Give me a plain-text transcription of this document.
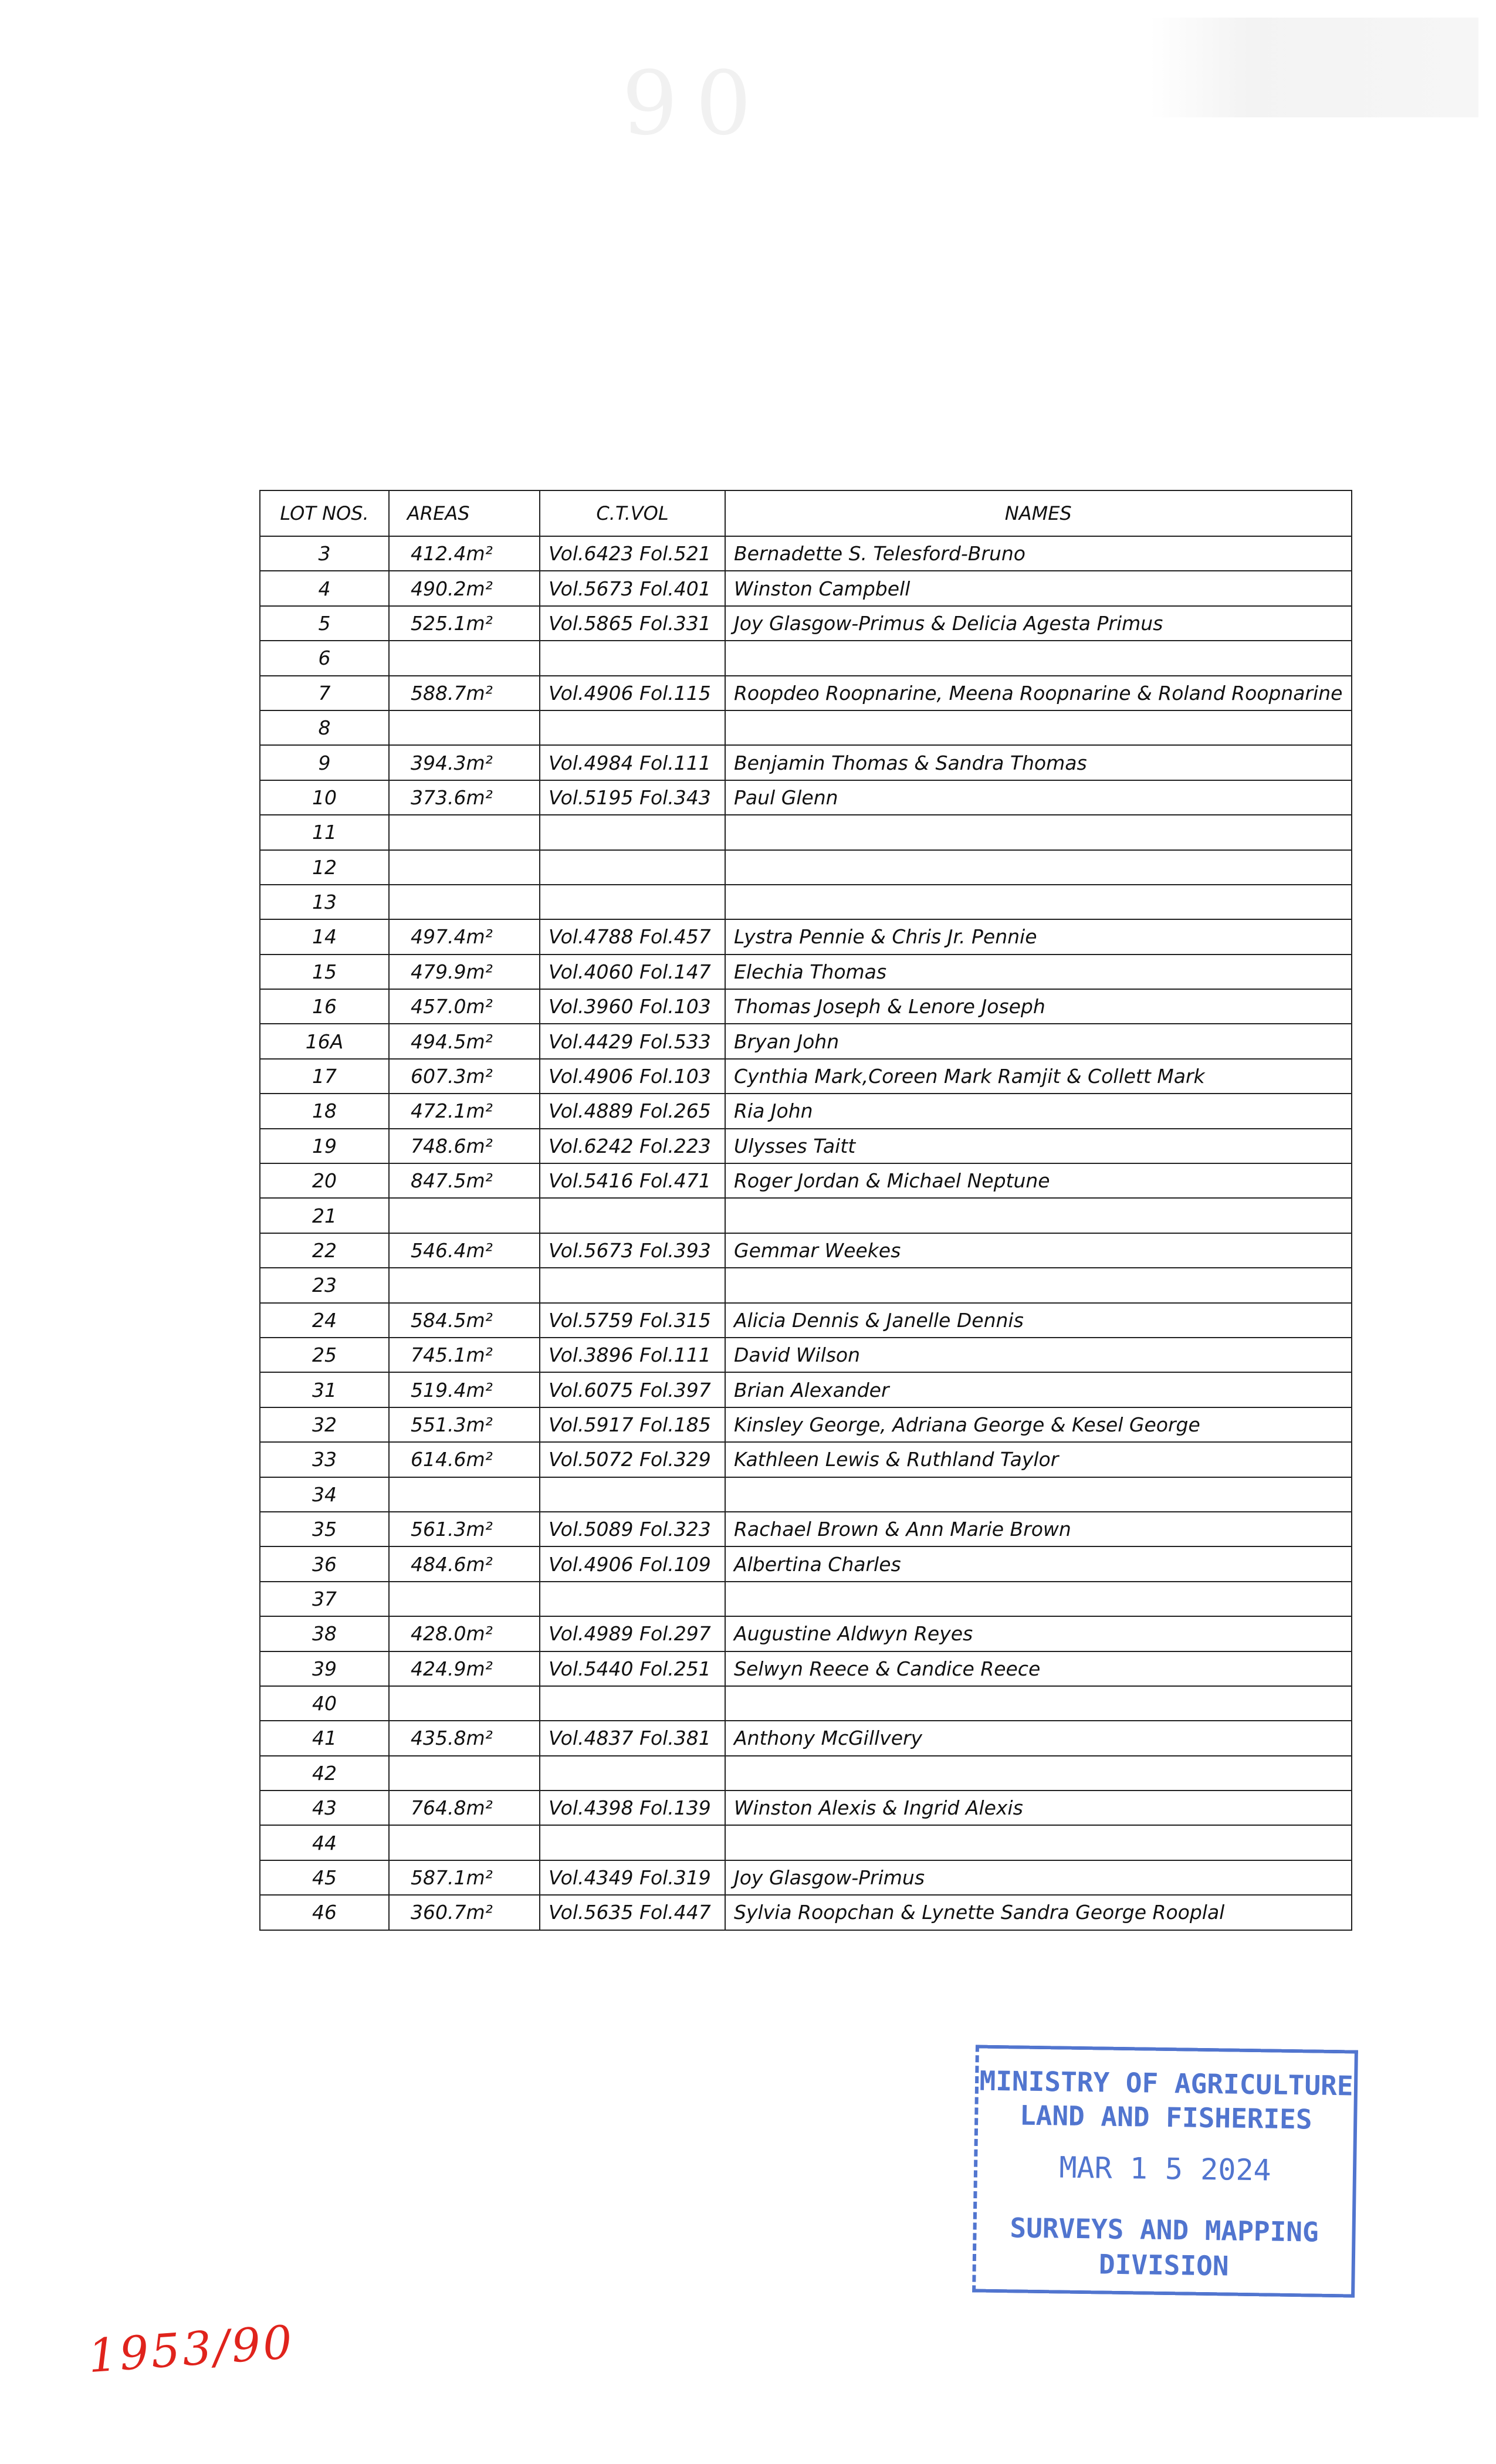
90
LOT NOS.	AREAS	C.T.VOL	NAMES
3	412.4m²	Vol.6423 Fol.521	Bernadette S. Telesford-Bruno
4	490.2m²	Vol.5673 Fol.401	Winston Campbell
5	525.1m²	Vol.5865 Fol.331	Joy Glasgow-Primus & Delicia Agesta Primus
6			
7	588.7m²	Vol.4906 Fol.115	Roopdeo Roopnarine, Meena Roopnarine & Roland Roopnarine
8			
9	394.3m²	Vol.4984 Fol.111	Benjamin Thomas & Sandra Thomas
10	373.6m²	Vol.5195 Fol.343	Paul Glenn
11			
12			
13			
14	497.4m²	Vol.4788 Fol.457	Lystra Pennie & Chris Jr. Pennie
15	479.9m²	Vol.4060 Fol.147	Elechia Thomas
16	457.0m²	Vol.3960 Fol.103	Thomas Joseph & Lenore Joseph
16A	494.5m²	Vol.4429 Fol.533	Bryan John
17	607.3m²	Vol.4906 Fol.103	Cynthia Mark,Coreen Mark Ramjit & Collett Mark
18	472.1m²	Vol.4889 Fol.265	Ria John
19	748.6m²	Vol.6242 Fol.223	Ulysses Taitt
20	847.5m²	Vol.5416 Fol.471	Roger Jordan & Michael Neptune
21			
22	546.4m²	Vol.5673 Fol.393	Gemmar Weekes
23			
24	584.5m²	Vol.5759 Fol.315	Alicia Dennis & Janelle Dennis
25	745.1m²	Vol.3896 Fol.111	David Wilson
31	519.4m²	Vol.6075 Fol.397	Brian Alexander
32	551.3m²	Vol.5917 Fol.185	Kinsley George, Adriana George & Kesel George
33	614.6m²	Vol.5072 Fol.329	Kathleen Lewis & Ruthland Taylor
34			
35	561.3m²	Vol.5089 Fol.323	Rachael Brown & Ann Marie Brown
36	484.6m²	Vol.4906 Fol.109	Albertina Charles
37			
38	428.0m²	Vol.4989 Fol.297	Augustine Aldwyn Reyes
39	424.9m²	Vol.5440 Fol.251	Selwyn Reece & Candice Reece
40			
41	435.8m²	Vol.4837 Fol.381	Anthony McGillvery
42			
43	764.8m²	Vol.4398 Fol.139	Winston Alexis & Ingrid Alexis
44			
45	587.1m²	Vol.4349 Fol.319	Joy Glasgow-Primus
46	360.7m²	Vol.5635 Fol.447	Sylvia Roopchan & Lynette Sandra George Rooplal
MINISTRY OF AGRICULTURE
LAND AND FISHERIES
MAR 1 5 2024
SURVEYS AND MAPPING
DIVISION
1953/90
